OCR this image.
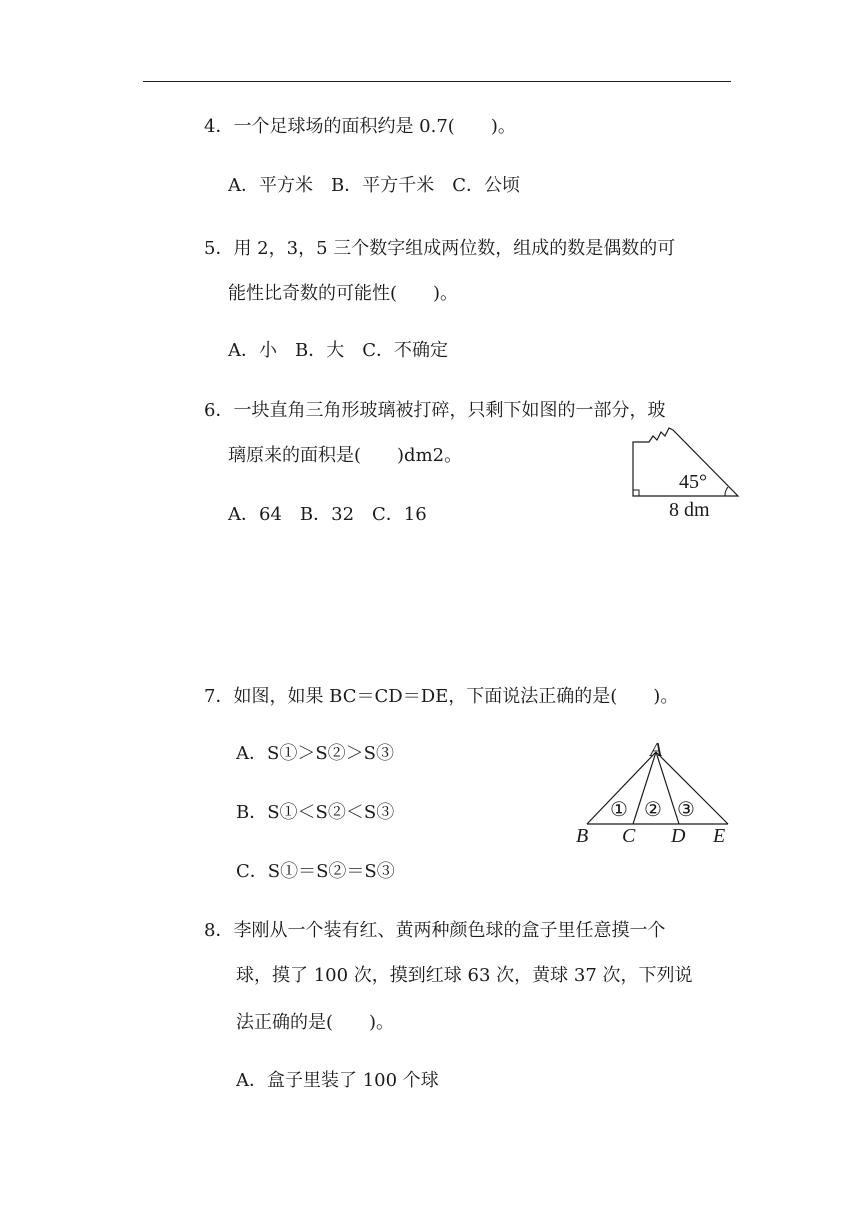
4．一个足球场的面积约是 0.7(　　)。
A．平方米　B．平方千米　C．公顷
5．用 2，3，5 三个数字组成两位数，组成的数是偶数的可
能性比奇数的可能性(　　)。
A．小　B．大　C．不确定
6．一块直角三角形玻璃被打碎，只剩下如图的一部分，玻
璃原来的面积是(　　)dm2。
A．64　B．32　C．16
45°
8 dm
7．如图，如果 BC＝CD＝DE，下面说法正确的是(　　)。
A．S①＞S②＞S③
B．S①＜S②＜S③
C．S①＝S②＝S③
A
B C D E
① ② ③
8．李刚从一个装有红、黄两种颜色球的盒子里任意摸一个
球，摸了 100 次，摸到红球 63 次，黄球 37 次，下列说
法正确的是(　　)。
A．盒子里装了 100 个球
